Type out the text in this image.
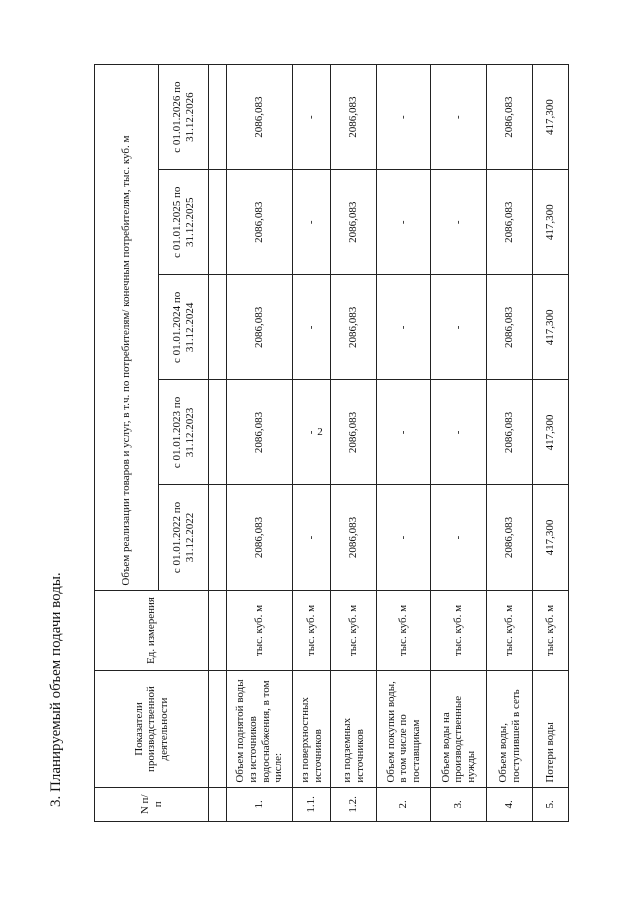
2
3. Планируемый объем подачи воды.	N п/п	Показатели производственной деятельности	Ед. измерения	Объем реализации товаров и услуг, в т.ч. по потребителям/ конечным потребителям, тыс. куб. м				
			с 01.01.2022 по 31.12.2022	с 01.01.2023 по 31.12.2023	с 01.01.2024 по 31.12.2024	с 01.01.2025 по 31.12.2025	с 01.01.2026 по 31.12.2026

1.	Объем поднятой воды из источников водоснабжения, в том числе:	тыс. куб. м	2086,083	2086,083	2086,083	2086,083	2086,083
1.1.	из поверхностных источников	тыс. куб. м	-	-	-	-	-
1.2.	из подземных источников	тыс. куб. м	2086,083	2086,083	2086,083	2086,083	2086,083
2.	Объем покупки воды, в том числе по поставщикам	тыс. куб. м	-	-	-	-	-
3.	Объем воды на производственные нужды	тыс. куб. м	-	-	-	-	-
4.	Объем воды, поступившей в сеть	тыс. куб. м	2086,083	2086,083	2086,083	2086,083	2086,083
5.	Потери воды	тыс. куб. м	417,300	417,300	417,300	417,300	417,300
